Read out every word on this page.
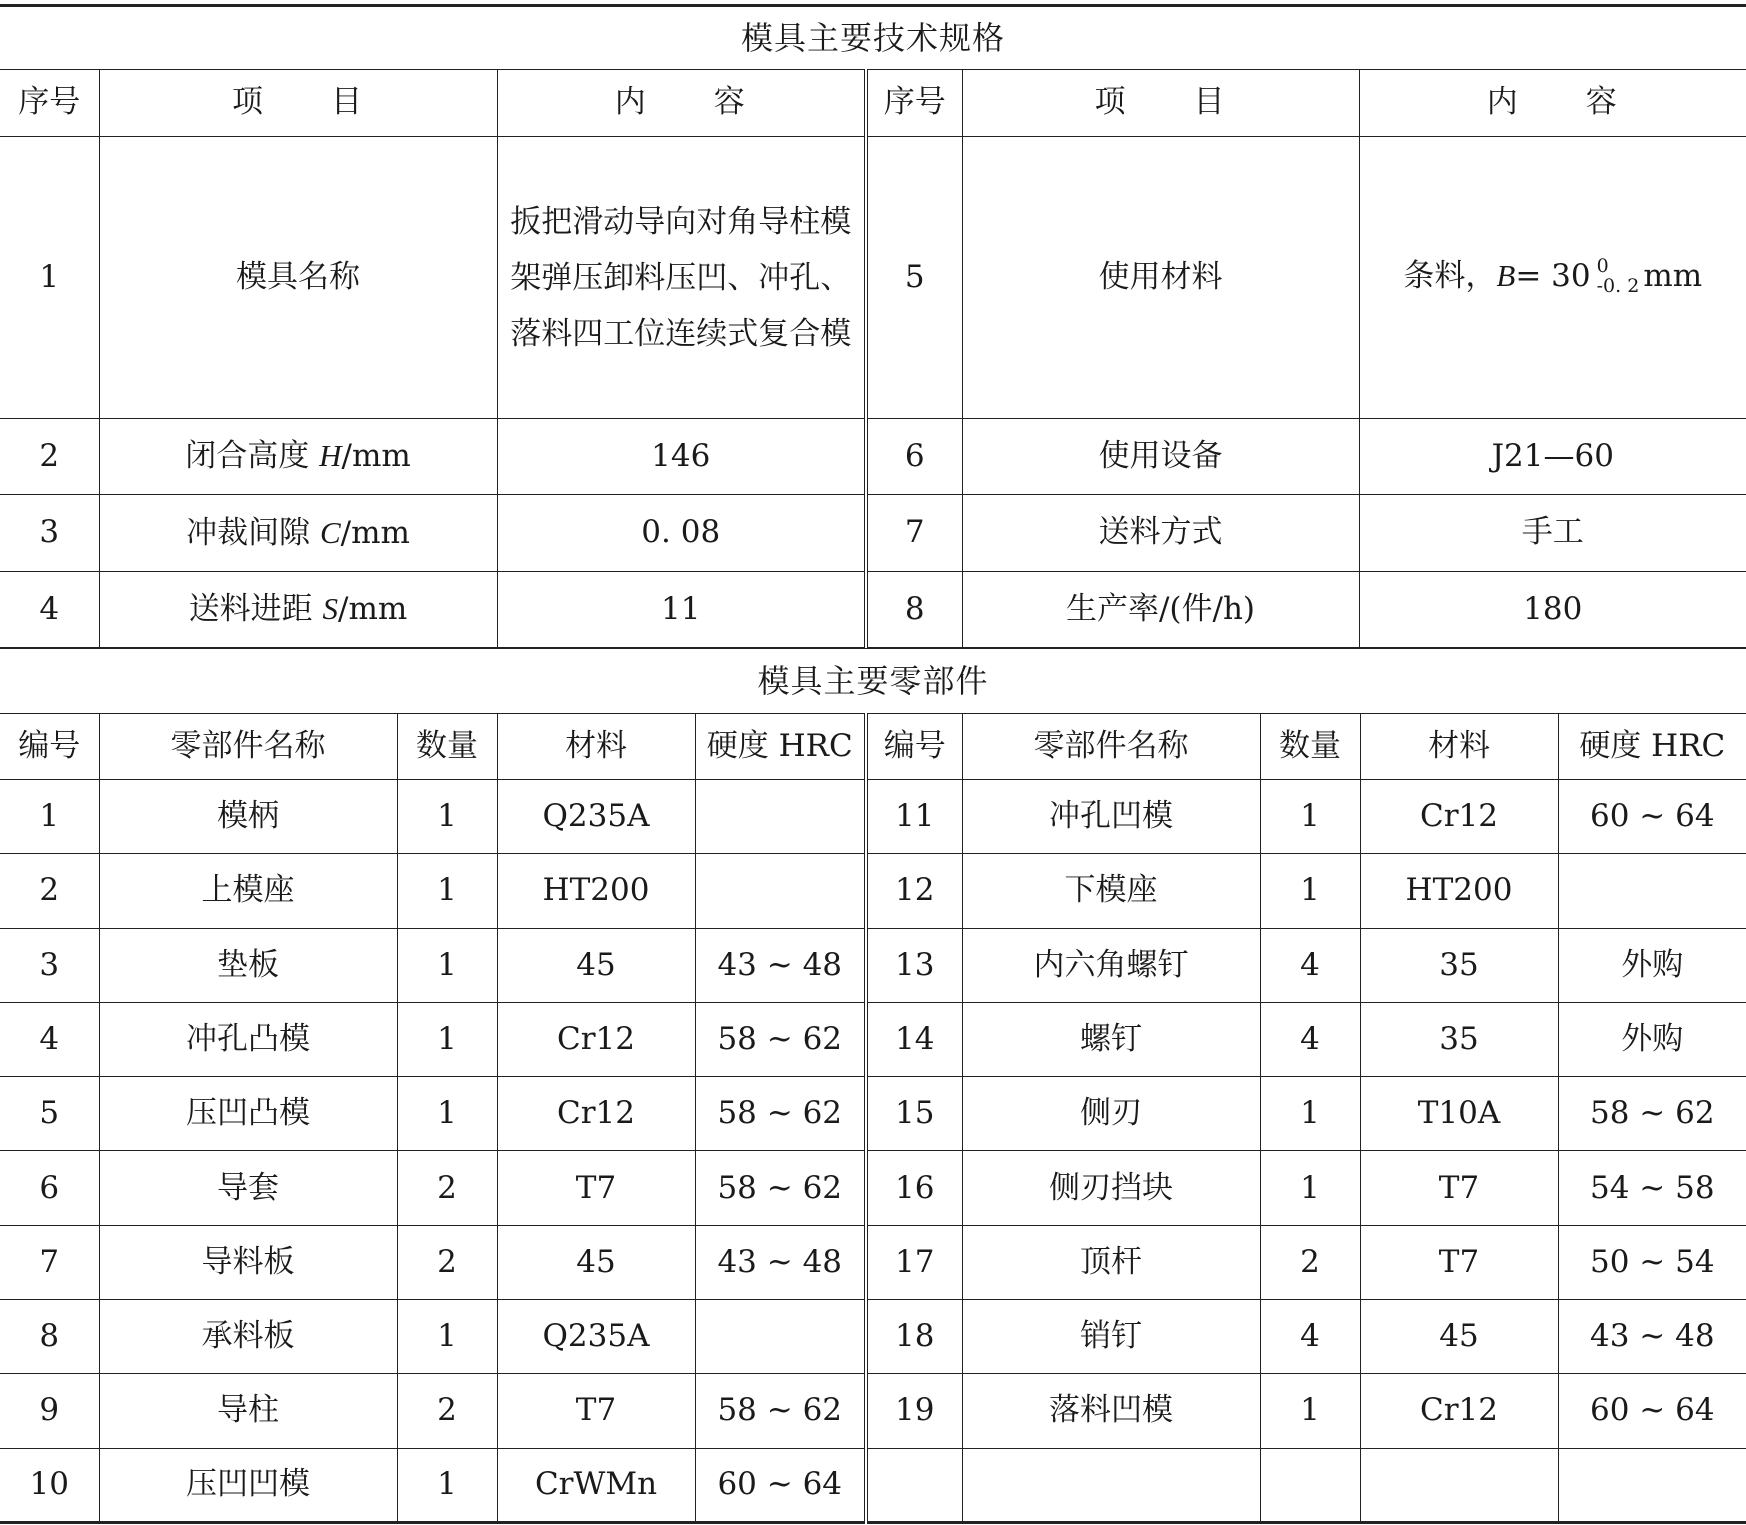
模具主要技术规格					
序号	项　　目	内　　容	序号	项　　目	内　　容
1	模具名称	扳把滑动导向对角导柱模架弹压卸料压凹、冲孔、落料四工位连续式复合模	5	使用材料	条料，B= 30 0
-0. 2 mm
2	闭合高度 H/mm	146	6	使用设备	J21—60
3	冲裁间隙 C/mm	0. 08	7	送料方式	手工
4	送料进距 S/mm	11	8	生产率/(件/h)	180
模具主要零部件									
编号	零部件名称	数量	材料	硬度 HRC	编号	零部件名称	数量	材料	硬度 HRC
1	模柄	1	Q235A		11	冲孔凹模	1	Cr12	60 ~ 64
2	上模座	1	HT200		12	下模座	1	HT200	
3	垫板	1	45	43 ~ 48	13	内六角螺钉	4	35	外购
4	冲孔凸模	1	Cr12	58 ~ 62	14	螺钉	4	35	外购
5	压凹凸模	1	Cr12	58 ~ 62	15	侧刃	1	T10A	58 ~ 62
6	导套	2	T7	58 ~ 62	16	侧刃挡块	1	T7	54 ~ 58
7	导料板	2	45	43 ~ 48	17	顶杆	2	T7	50 ~ 54
8	承料板	1	Q235A		18	销钉	4	45	43 ~ 48
9	导柱	2	T7	58 ~ 62	19	落料凹模	1	Cr12	60 ~ 64
10	压凹凹模	1	CrWMn	60 ~ 64					
